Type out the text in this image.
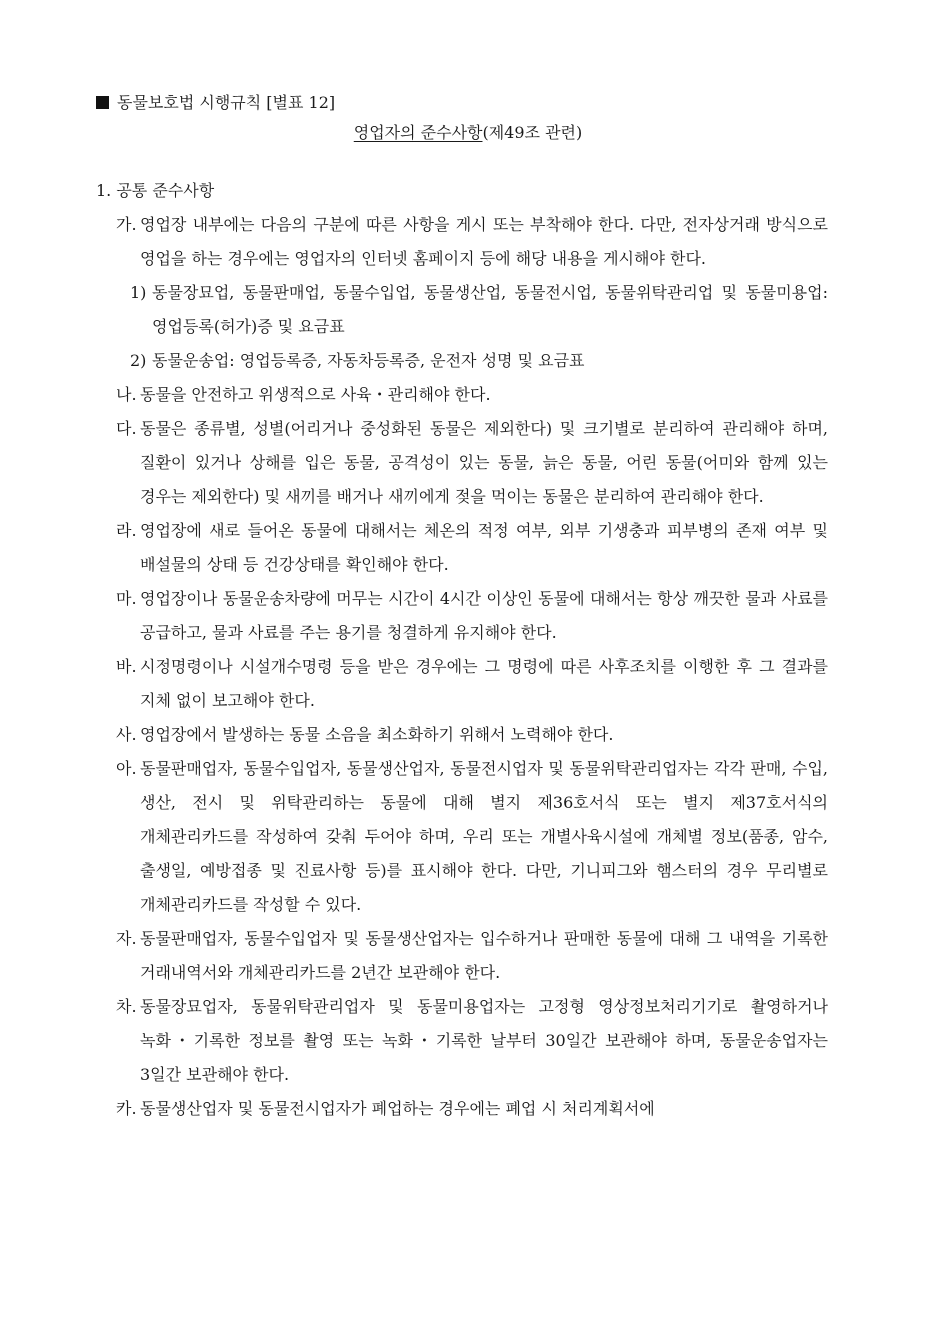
동물보호법 시행규칙 [별표 12]
영업자의 준수사항(제49조 관련)
1. 공통 준수사항
가. 영업장 내부에는 다음의 구분에 따른 사항을 게시 또는 부착해야 한다. 다만, 전자상거래 방식으로 영업을 하는 경우에는 영업자의 인터넷 홈페이지 등에 해당 내용을 게시해야 한다.
1) 동물장묘업, 동물판매업, 동물수입업, 동물생산업, 동물전시업, 동물위탁관리업 및 동물미용업: 영업등록(허가)증 및 요금표
2) 동물운송업: 영업등록증, 자동차등록증, 운전자 성명 및 요금표
나. 동물을 안전하고 위생적으로 사육・관리해야 한다.
다. 동물은 종류별, 성별(어리거나 중성화된 동물은 제외한다) 및 크기별로 분리하여 관리해야 하며, 질환이 있거나 상해를 입은 동물, 공격성이 있는 동물, 늙은 동물, 어린 동물(어미와 함께 있는 경우는 제외한다) 및 새끼를 배거나 새끼에게 젖을 먹이는 동물은 분리하여 관리해야 한다.
라. 영업장에 새로 들어온 동물에 대해서는 체온의 적정 여부, 외부 기생충과 피부병의 존재 여부 및 배설물의 상태 등 건강상태를 확인해야 한다.
마. 영업장이나 동물운송차량에 머무는 시간이 4시간 이상인 동물에 대해서는 항상 깨끗한 물과 사료를 공급하고, 물과 사료를 주는 용기를 청결하게 유지해야 한다.
바. 시정명령이나 시설개수명령 등을 받은 경우에는 그 명령에 따른 사후조치를 이행한 후 그 결과를 지체 없이 보고해야 한다.
사. 영업장에서 발생하는 동물 소음을 최소화하기 위해서 노력해야 한다.
아. 동물판매업자, 동물수입업자, 동물생산업자, 동물전시업자 및 동물위탁관리업자는 각각 판매, 수입, 생산, 전시 및 위탁관리하는 동물에 대해 별지 제36호서식 또는 별지 제37호서식의 개체관리카드를 작성하여 갖춰 두어야 하며, 우리 또는 개별사육시설에 개체별 정보(품종, 암수, 출생일, 예방접종 및 진료사항 등)를 표시해야 한다. 다만, 기니피그와 햄스터의 경우 무리별로 개체관리카드를 작성할 수 있다.
자. 동물판매업자, 동물수입업자 및 동물생산업자는 입수하거나 판매한 동물에 대해 그 내역을 기록한 거래내역서와 개체관리카드를 2년간 보관해야 한다.
차. 동물장묘업자, 동물위탁관리업자 및 동물미용업자는 고정형 영상정보처리기기로 촬영하거나 녹화・기록한 정보를 촬영 또는 녹화・기록한 날부터 30일간 보관해야 하며, 동물운송업자는 3일간 보관해야 한다.
카. 동물생산업자 및 동물전시업자가 폐업하는 경우에는 폐업 시 처리계획서에
